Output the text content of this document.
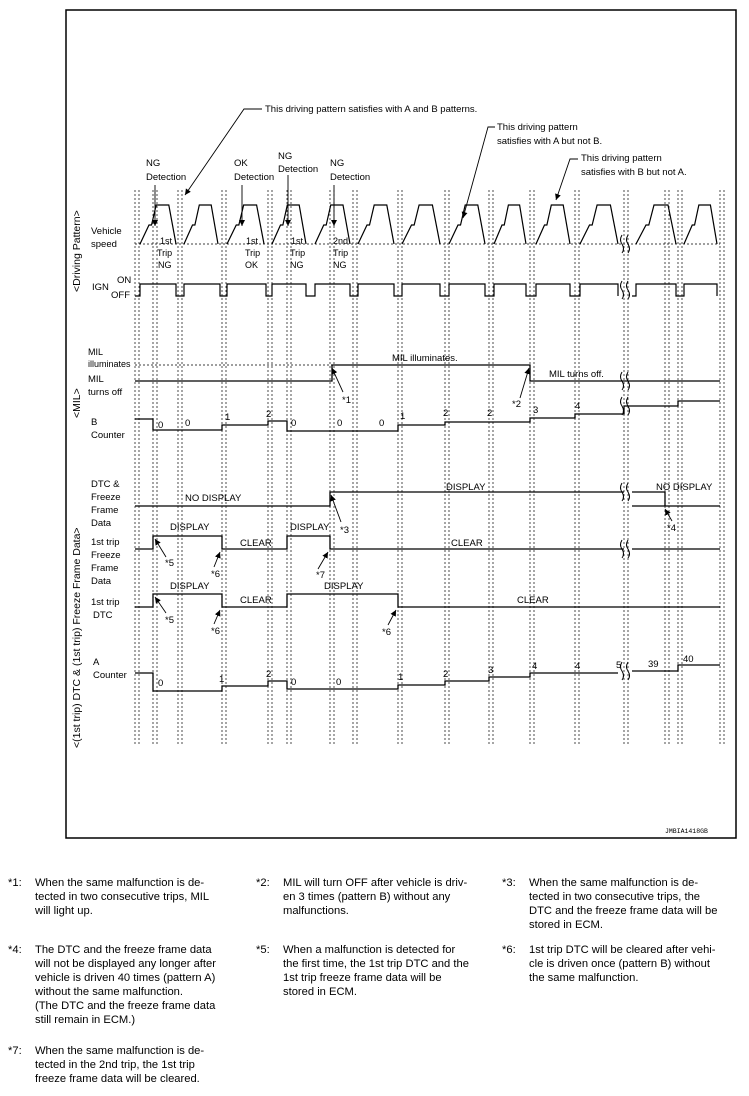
This driving pattern satisfies with A and B patterns.
This driving pattern
satisfies with A but not B.
This driving pattern
satisfies with B but not A.
NG
Detection
OK
Detection
NG
Detection
NG
Detection
<Driving Pattern>
<MIL>
<(1st trip) DTC & (1st trip) Freeze Frame Data>
Vehicle
speed
IGN
ON
OFF
MIL
illuminates
MIL
turns off
B
Counter
DTC &
Freeze
Frame
Data
1st trip
Freeze
Frame
Data
1st trip
DTC
A
Counter
1st
Trip
NG
1st
Trip
OK
1st
Trip
NG
2nd
Trip
NG
MIL illuminates.
MIL turns off.
0 0
1	2
0	0	0
1	2	2	3	4
NO DISPLAY
DISPLAY	NO DISPLAY
DISPLAY
CLEAR
DISPLAY
CLEAR
DISPLAY
CLEAR
DISPLAY
CLEAR
0	1	2
0	0	1	2	3	4	4	5	39	40
*1	*2
*3	*4
*5
*6	*7
*5
*6	*6
JMBIA1418GB
*1: When the same malfunction is de-
tected in two consecutive trips, MIL
will light up.
*2: MIL will turn OFF after vehicle is driv-
en 3 times (pattern B) without any
malfunctions.
*3: When the same malfunction is de-
tected in two consecutive trips, the
DTC and the freeze frame data will be
stored in ECM.
*4: The DTC and the freeze frame data
will not be displayed any longer after
vehicle is driven 40 times (pattern A)
without the same malfunction.
(The DTC and the freeze frame data
still remain in ECM.)
*5: When a malfunction is detected for
the first time, the 1st trip DTC and the
1st trip freeze frame data will be
stored in ECM.
*6: 1st trip DTC will be cleared after vehi-
cle is driven once (pattern B) without
the same malfunction.
*7: When the same malfunction is de-
tected in the 2nd trip, the 1st trip
freeze frame data will be cleared.
